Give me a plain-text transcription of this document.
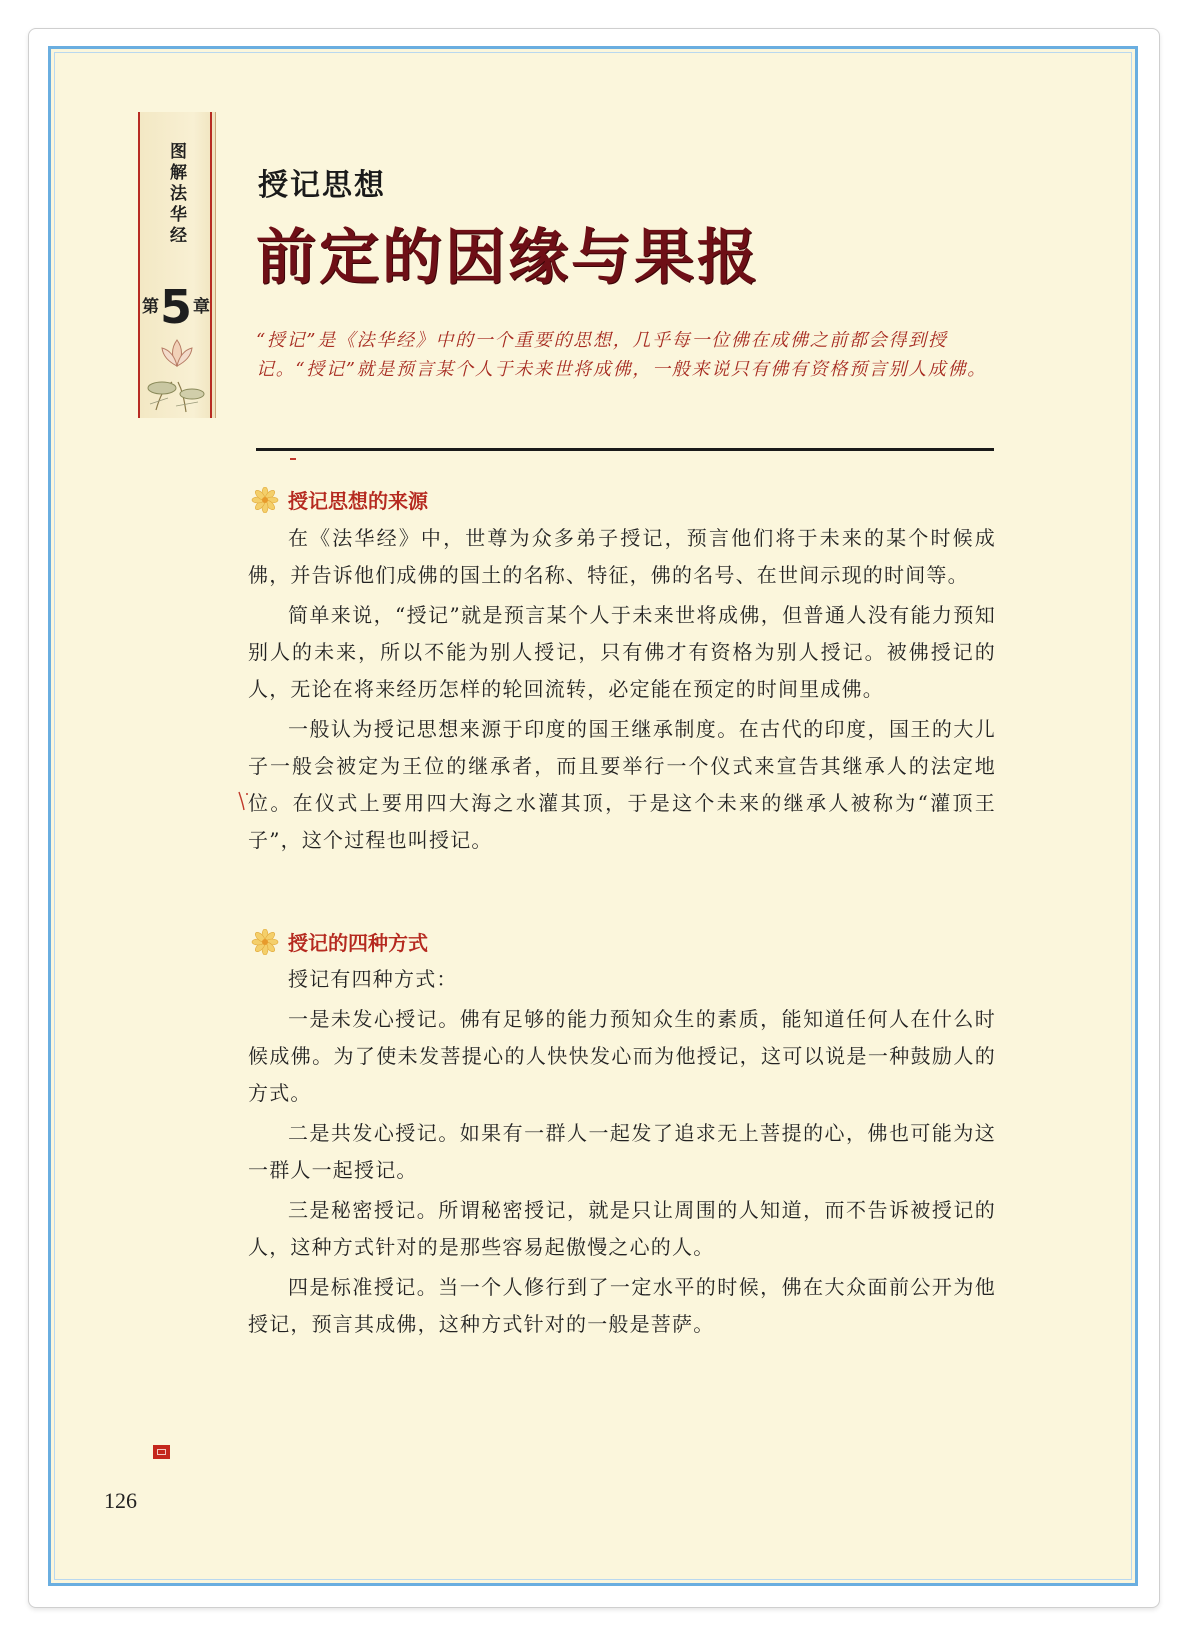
图解法华经
第 5 章
授记思想
前定的因缘与果报
“授记”是《法华经》中的一个重要的思想，几乎每一位佛在成佛之前都会得到授记。“授记”就是预言某个人于未来世将成佛，一般来说只有佛有资格预言别人成佛。
授记思想的来源

在《法华经》中，世尊为众多弟子授记，预言他们将于未来的某个时候成佛，并告诉他们成佛的国土的名称、特征，佛的名号、在世间示现的时间等。

简单来说，“授记”就是预言某个人于未来世将成佛，但普通人没有能力预知别人的未来，所以不能为别人授记，只有佛才有资格为别人授记。被佛授记的人，无论在将来经历怎样的轮回流转，必定能在预定的时间里成佛。

一般认为授记思想来源于印度的国王继承制度。在古代的印度，国王的大儿子一般会被定为王位的继承者，而且要举行一个仪式来宣告其继承人的法定地位。在仪式上要用四大海之水灌其顶，于是这个未来的继承人被称为“灌顶王子”，这个过程也叫授记。

授记的四种方式

授记有四种方式：

一是未发心授记。佛有足够的能力预知众生的素质，能知道任何人在什么时候成佛。为了使未发菩提心的人快快发心而为他授记，这可以说是一种鼓励人的方式。

二是共发心授记。如果有一群人一起发了追求无上菩提的心，佛也可能为这一群人一起授记。

三是秘密授记。所谓秘密授记，就是只让周围的人知道，而不告诉被授记的人，这种方式针对的是那些容易起傲慢之心的人。

四是标准授记。当一个人修行到了一定水平的时候，佛在大众面前公开为他授记，预言其成佛，这种方式针对的一般是菩萨。

126
